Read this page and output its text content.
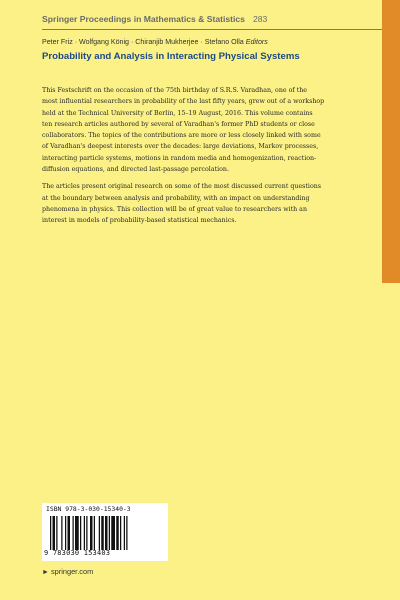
Springer Proceedings in Mathematics & Statistics 283
Peter Friz · Wolfgang König · Chiranjib Mukherjee · Stefano Olla Editors
Probability and Analysis in Interacting Physical Systems

This Festschrift on the occasion of the 75th birthday of S.R.S. Varadhan, one of the
most influential researchers in probability of the last fifty years, grew out of a workshop
held at the Technical University of Berlin, 15–19 August, 2016. This volume contains
ten research articles authored by several of Varadhan's former PhD students or close
collaborators. The topics of the contributions are more or less closely linked with some
of Varadhan's deepest interests over the decades: large deviations, Markov processes,
interacting particle systems, motions in random media and homogenization, reaction-
diffusion equations, and directed last-passage percolation.

The articles present original research on some of the most discussed current questions
at the boundary between analysis and probability, with an impact on understanding
phenomena in physics. This collection will be of great value to researchers with an
interest in models of probability-based statistical mechanics.

ISBN 978-3-030-15340-3
9 783030 153403
► springer.com
